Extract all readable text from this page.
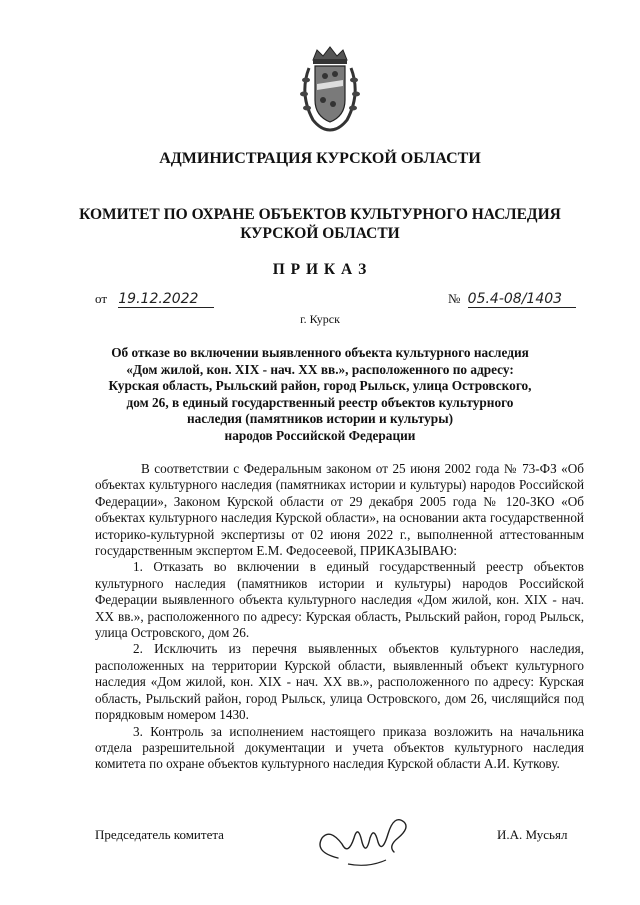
АДМИНИСТРАЦИЯ КУРСКОЙ ОБЛАСТИ
КОМИТЕТ ПО ОХРАНЕ ОБЪЕКТОВ КУЛЬТУРНОГО НАСЛЕДИЯ
КУРСКОЙ ОБЛАСТИ
П Р И К А З
от 19.12.2022	№ 05.4-08/1403
г. Курск
Об отказе во включении выявленного объекта культурного наследия
«Дом жилой, кон. XIX - нач. XX вв.», расположенного по адресу:
Курская область, Рыльский район, город Рыльск, улица Островского,
дом 26, в единый государственный реестр объектов культурного
наследия (памятников истории и культуры)
народов Российской Федерации

В соответствии с Федеральным законом от 25 июня 2002 года № 73-ФЗ «Об объектах культурного наследия (памятниках истории и культуры) народов Российской Федерации», Законом Курской области от 29 декабря 2005 года № 120-ЗКО «Об объектах культурного наследия Курской области», на основании акта государственной историко-культурной экспертизы от 02 июня 2022 г., выполненной аттестованным государственным экспертом Е.М. Федосеевой, ПРИКАЗЫВАЮ:

1. Отказать во включении в единый государственный реестр объектов культурного наследия (памятников истории и культуры) народов Российской Федерации выявленного объекта культурного наследия «Дом жилой, кон. XIX - нач. XX вв.», расположенного по адресу: Курская область, Рыльский район, город Рыльск, улица Островского, дом 26.

2. Исключить из перечня выявленных объектов культурного наследия, расположенных на территории Курской области, выявленный объект культурного наследия «Дом жилой, кон. XIX - нач. XX вв.», расположенного по адресу: Курская область, Рыльский район, город Рыльск, улица Островского, дом 26, числящийся под порядковым номером 1430.

3. Контроль за исполнением настоящего приказа возложить на начальника отдела разрешительной документации и учета объектов культурного наследия комитета по охране объектов культурного наследия Курской области А.И. Куткову.

Председатель комитета	И.А. Мусьял
